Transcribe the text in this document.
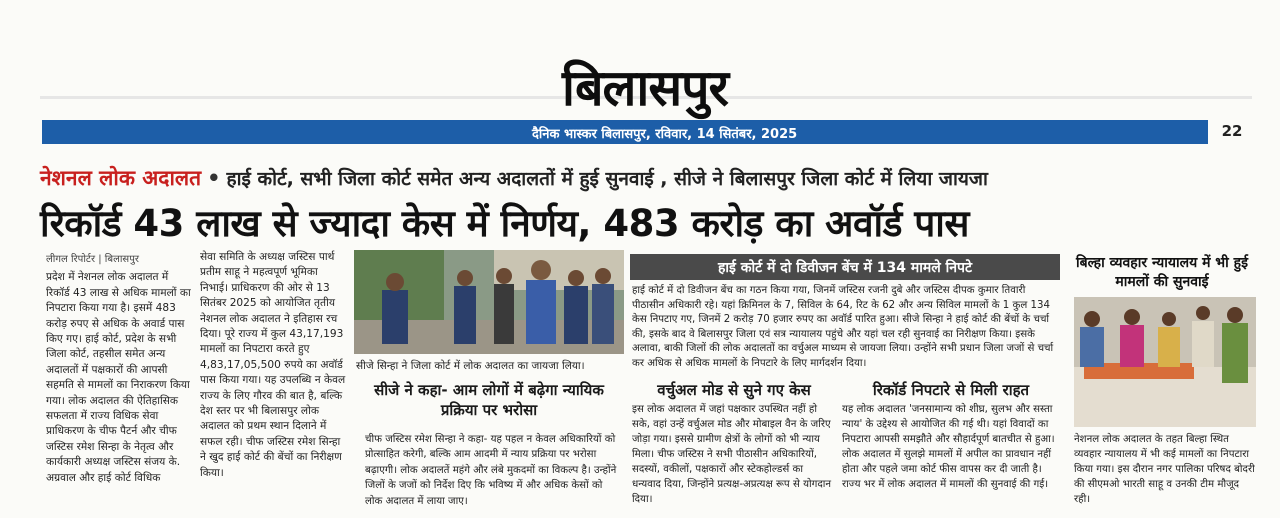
बिलासपुर
दैनिक भास्कर बिलासपुर, रविवार, 14 सितंबर, 2025	22
नेशनल लोक अदालत • हाई कोर्ट, सभी जिला कोर्ट समेत अन्य अदालतों में हुई सुनवाई , सीजे ने बिलासपुर जिला कोर्ट में लिया जायजा
रिकॉर्ड 43 लाख से ज्यादा केस में निर्णय, 483 करोड़ का अवॉर्ड पास
लीगल रिपोर्टर | बिलासपुर
प्रदेश में नेशनल लोक अदालत में रिकॉर्ड 43 लाख से अधिक मामलों का निपटारा किया गया है। इसमें 483 करोड़ रुपए से अधिक के अवार्ड पास किए गए। हाई कोर्ट, प्रदेश के सभी जिला कोर्ट, तहसील समेत अन्य अदालतों में पक्षकारों की आपसी सहमति से मामलों का निराकरण किया गया। लोक अदालत की ऐतिहासिक सफलता में राज्य विधिक सेवा प्राधिकरण के चीफ पैटर्न और चीफ जस्टिस रमेश सिन्हा के नेतृत्व और कार्यकारी अध्यक्ष जस्टिस संजय के. अग्रवाल और हाई कोर्ट विधिक
सेवा समिति के अध्यक्ष जस्टिस पार्थ प्रतीम साहू ने महत्वपूर्ण भूमिका निभाई। प्राधिकरण की ओर से 13 सितंबर 2025 को आयोजित तृतीय नेशनल लोक अदालत ने इतिहास रच दिया। पूरे राज्य में कुल 43,17,193 मामलों का निपटारा करते हुए 4,83,17,05,500 रुपये का अवॉर्ड पास किया गया। यह उपलब्धि न केवल राज्य के लिए गौरव की बात है, बल्कि देश स्तर पर भी बिलासपुर लोक अदालत को प्रथम स्थान दिलाने में सफल रही। चीफ जस्टिस रमेश सिन्हा ने खुद हाई कोर्ट की बेंचों का निरीक्षण किया।
सीजे सिन्हा ने जिला कोर्ट में लोक अदालत का जायजा लिया।
सीजे ने कहा- आम लोगों में बढ़ेगा न्यायिक प्रक्रिया पर भरोसा
चीफ जस्टिस रमेश सिन्हा ने कहा- यह पहल न केवल अधिकारियों को प्रोत्साहित करेगी, बल्कि आम आदमी में न्याय प्रक्रिया पर भरोसा बढ़ाएगी। लोक अदालतें महंगे और लंबे मुकदमों का विकल्प है। उन्होंने जिलों के जजों को निर्देश दिए कि भविष्य में और अधिक केसों को लोक अदालत में लाया जाए।
हाई कोर्ट में दो डिवीजन बेंच में 134 मामले निपटे
हाई कोर्ट में दो डिवीजन बेंच का गठन किया गया, जिनमें जस्टिस रजनी दुबे और जस्टिस दीपक कुमार तिवारी पीठासीन अधिकारी रहे। यहां क्रिमिनल के 7, सिविल के 64, रिट के 62 और अन्य सिविल मामलों के 1 कुल 134 केस निपटाए गए, जिनमें 2 करोड़ 70 हजार रुपए का अवॉर्ड पारित हुआ। सीजे सिन्हा ने हाई कोर्ट की बेंचों के चर्चा की, इसके बाद वे बिलासपुर जिला एवं सत्र न्यायालय पहुंचे और यहां चल रही सुनवाई का निरीक्षण किया। इसके अलावा, बाकी जिलों की लोक अदालतों का वर्चुअल माध्यम से जायजा लिया। उन्होंने सभी प्रधान जिला जजों से चर्चा कर अधिक से अधिक मामलों के निपटारे के लिए मार्गदर्शन दिया।
वर्चुअल मोड से सुने गए केस
इस लोक अदालत में जहां पक्षकार उपस्थित नहीं हो सके, वहां उन्हें वर्चुअल मोड और मोबाइल वैन के जरिए जोड़ा गया। इससे ग्रामीण क्षेत्रों के लोगों को भी न्याय मिला। चीफ जस्टिस ने सभी पीठासीन अधिकारियों, सदस्यों, वकीलों, पक्षकारों और स्टेकहोल्डर्स का धन्यवाद दिया, जिन्होंने प्रत्यक्ष-अप्रत्यक्ष रूप से योगदान दिया।
रिकॉर्ड निपटारे से मिली राहत
यह लोक अदालत 'जनसामान्य को शीघ्र, सुलभ और सस्ता न्याय' के उद्देश्य से आयोजित की गई थी। यहां विवादों का निपटारा आपसी समझौते और सौहार्दपूर्ण बातचीत से हुआ। लोक अदालत में सुलझे मामलों में अपील का प्रावधान नहीं होता और पहले जमा कोर्ट फीस वापस कर दी जाती है। राज्य भर में लोक अदालत में मामलों की सुनवाई की गई।
बिल्हा व्यवहार न्यायालय में भी हुई मामलों की सुनवाई
नेशनल लोक अदालत के तहत बिल्हा स्थित व्यवहार न्यायालय में भी कई मामलों का निपटारा किया गया। इस दौरान नगर पालिका परिषद बोदरी की सीएमओ भारती साहू व उनकी टीम मौजूद रही।
